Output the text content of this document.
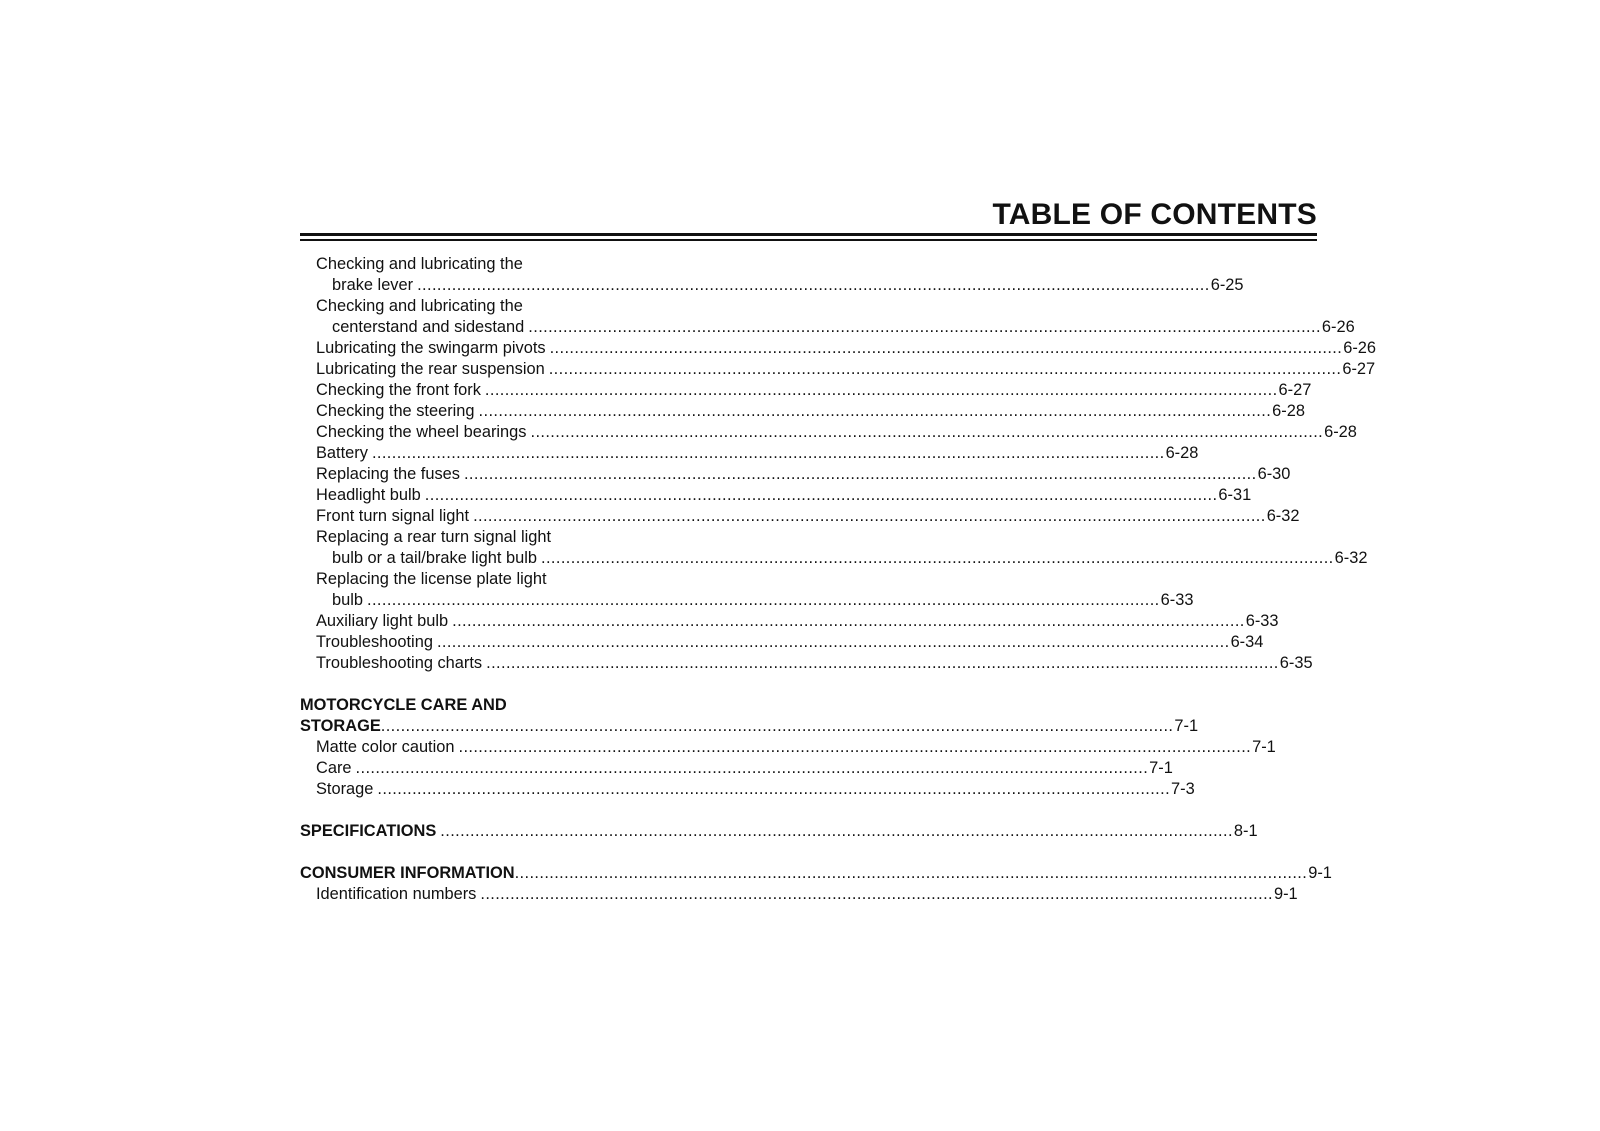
TABLE OF CONTENTS
Checking and lubricating the
brake lever ................................................................................................................................................................ 6-25
Checking and lubricating the
centerstand and sidestand ................................................................................................................................................................ 6-26
Lubricating the swingarm pivots ................................................................................................................................................................ 6-26
Lubricating the rear suspension ................................................................................................................................................................ 6-27
Checking the front fork ................................................................................................................................................................ 6-27
Checking the steering ................................................................................................................................................................ 6-28
Checking the wheel bearings ................................................................................................................................................................ 6-28
Battery ................................................................................................................................................................ 6-28
Replacing the fuses ................................................................................................................................................................ 6-30
Headlight bulb ................................................................................................................................................................ 6-31
Front turn signal light ................................................................................................................................................................ 6-32
Replacing a rear turn signal light
bulb or a tail/brake light bulb ................................................................................................................................................................ 6-32
Replacing the license plate light
bulb ................................................................................................................................................................ 6-33
Auxiliary light bulb ................................................................................................................................................................ 6-33
Troubleshooting ................................................................................................................................................................ 6-34
Troubleshooting charts ................................................................................................................................................................ 6-35
MOTORCYCLE CARE AND
STORAGE ................................................................................................................................................................ 7-1
Matte color caution ................................................................................................................................................................ 7-1
Care ................................................................................................................................................................ 7-1
Storage ................................................................................................................................................................ 7-3
SPECIFICATIONS ................................................................................................................................................................ 8-1
CONSUMER INFORMATION ................................................................................................................................................................ 9-1
Identification numbers ................................................................................................................................................................ 9-1
